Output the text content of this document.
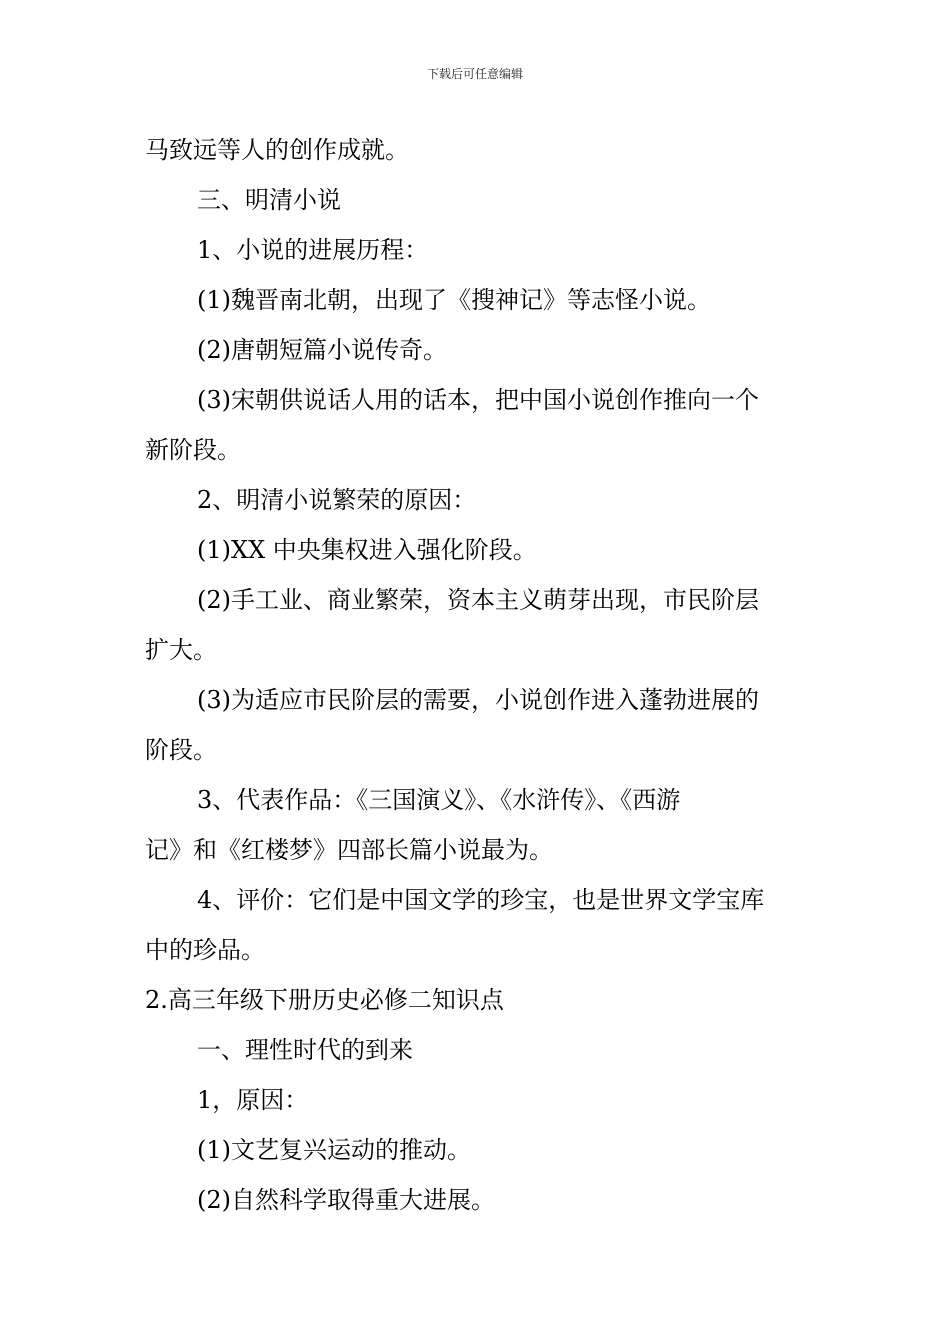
下载后可任意编辑
马致远等人的创作成就。
三、明清小说
1、小说的进展历程：
(1)魏晋南北朝，出现了《搜神记》等志怪小说。
(2)唐朝短篇小说传奇。
(3)宋朝供说话人用的话本，把中国小说创作推向一个
新阶段。
2、明清小说繁荣的原因：
(1)XX 中央集权进入强化阶段。
(2)手工业、商业繁荣，资本主义萌芽出现，市民阶层
扩大。
(3)为适应市民阶层的需要，小说创作进入蓬勃进展的
阶段。
3、代表作品：《三国演义》、《水浒传》、《西游
记》和《红楼梦》四部长篇小说最为。
4、评价：它们是中国文学的珍宝，也是世界文学宝库
中的珍品。
2.高三年级下册历史必修二知识点
一、理性时代的到来
1，原因：
(1)文艺复兴运动的推动。
(2)自然科学取得重大进展。
